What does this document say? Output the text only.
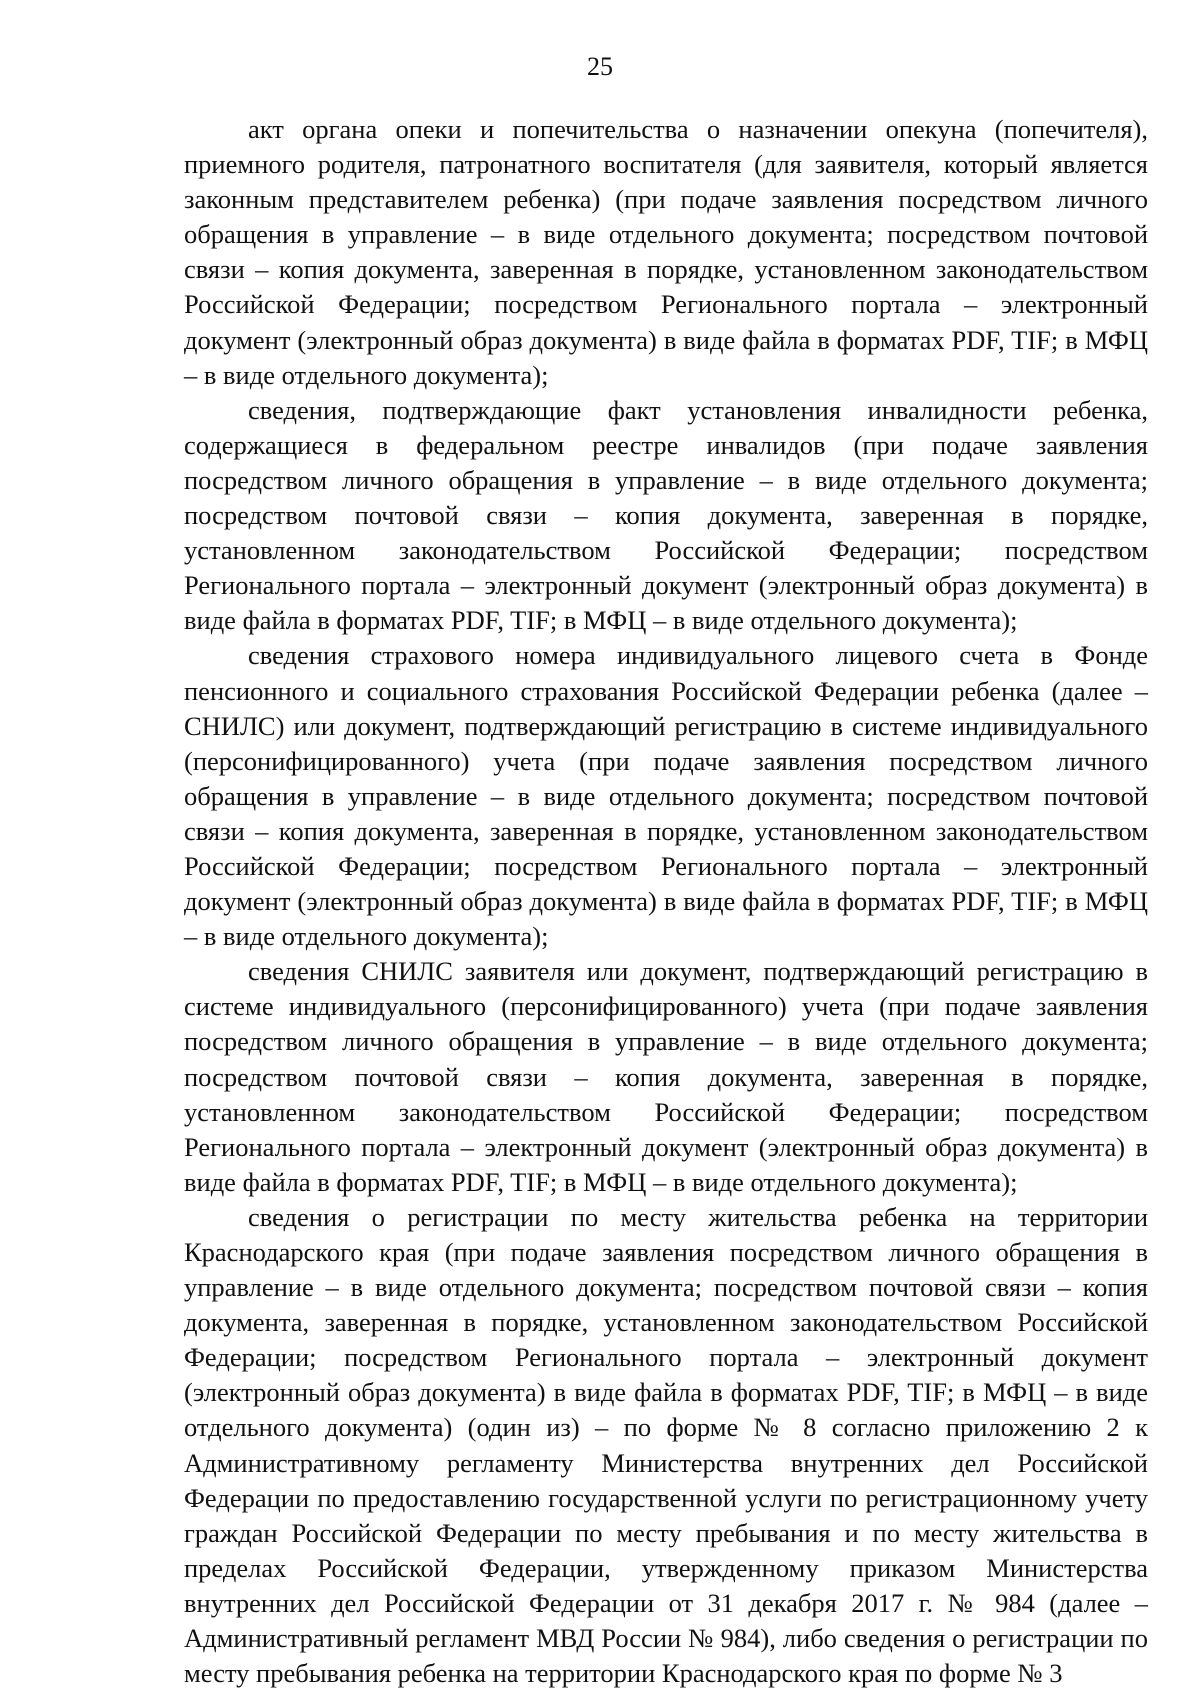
25

акт органа опеки и попечительства о назначении опекуна (попечителя), приемного родителя, патронатного воспитателя (для заявителя, который является законным представителем ребенка) (при подаче заявления посредством личного обращения в управление – в виде отдельного документа; посредством почтовой связи – копия документа, заверенная в порядке, установленном законодательством Российской Федерации; посредством Регионального портала – электронный документ (электронный образ документа) в виде файла в форматах PDF, TIF; в МФЦ – в виде отдельного документа);

сведения, подтверждающие факт установления инвалидности ребенка, содержащиеся в федеральном реестре инвалидов (при подаче заявления посредством личного обращения в управление – в виде отдельного документа; посредством почтовой связи – копия документа, заверенная в порядке, установленном законодательством Российской Федерации; посредством Регионального портала – электронный документ (электронный образ документа) в виде файла в форматах PDF, TIF; в МФЦ – в виде отдельного документа);

сведения страхового номера индивидуального лицевого счета в Фонде пенсионного и социального страхования Российской Федерации ребенка (далее – СНИЛС) или документ, подтверждающий регистрацию в системе индивидуального (персонифицированного) учета (при подаче заявления посредством личного обращения в управление – в виде отдельного документа; посредством почтовой связи – копия документа, заверенная в порядке, установленном законодательством Российской Федерации; посредством Регионального портала – электронный документ (электронный образ документа) в виде файла в форматах PDF, TIF; в МФЦ – в виде отдельного документа);

сведения СНИЛС заявителя или документ, подтверждающий регистрацию в системе индивидуального (персонифицированного) учета (при подаче заявления посредством личного обращения в управление – в виде отдельного документа; посредством почтовой связи – копия документа, заверенная в порядке, установленном законодательством Российской Федерации; посредством Регионального портала – электронный документ (электронный образ документа) в виде файла в форматах PDF, TIF; в МФЦ – в виде отдельного документа);

сведения о регистрации по месту жительства ребенка на территории Краснодарского края (при подаче заявления посредством личного обращения в управление – в виде отдельного документа; посредством почтовой связи – копия документа, заверенная в порядке, установленном законодательством Российской Федерации; посредством Регионального портала – электронный документ (электронный образ документа) в виде файла в форматах PDF, TIF; в МФЦ – в виде отдельного документа) (один из) – по форме № 8 согласно приложению 2 к Административному регламенту Министерства внутренних дел Российской Федерации по предоставлению государственной услуги по регистрационному учету граждан Российской Федерации по месту пребывания и по месту жительства в пределах Российской Федерации, утвержденному приказом Министерства внутренних дел Российской Федерации от 31 декабря 2017 г. № 984 (далее – Административный регламент МВД России № 984), либо сведения о регистрации по месту пребывания ребенка на территории Краснодарского края по форме № 3
